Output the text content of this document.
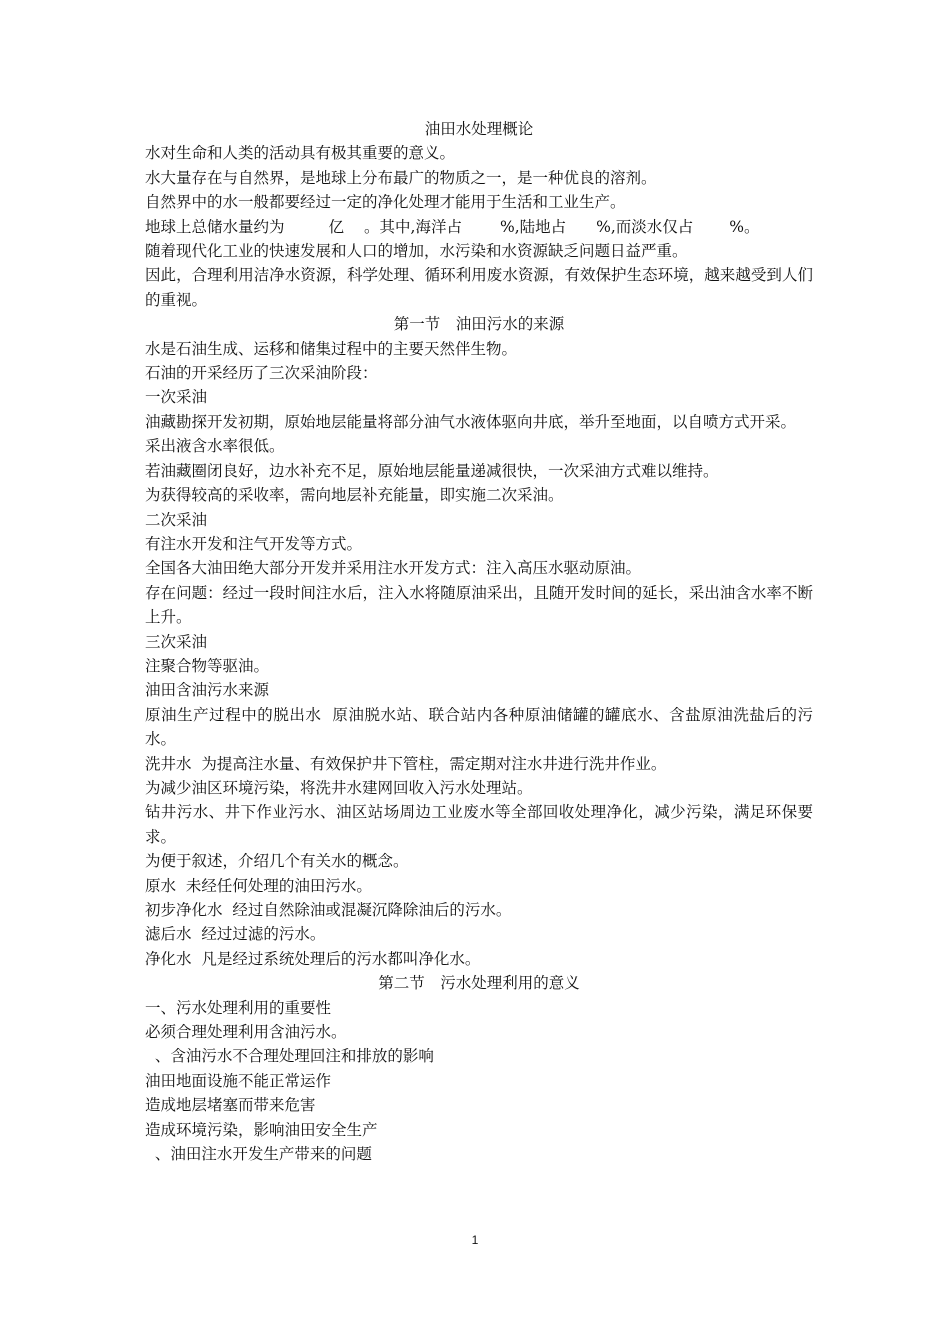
油田水处理概论
水对生命和人类的活动具有极其重要的意义。
水大量存在与自然界，是地球上分布最广的物质之一，是一种优良的溶剂。
自然界中的水一般都要经过一定的净化处理才能用于生活和工业生产。
地球上总储水量约为	亿 。其中,海洋占 %,陆地占 %,而淡水仅占 %。
随着现代化工业的快速发展和人口的增加，水污染和水资源缺乏问题日益严重。
因此，合理利用洁净水资源，科学处理、循环利用废水资源，有效保护生态环境，越来越受到人们的重视。
第一节　油田污水的来源
水是石油生成、运移和储集过程中的主要天然伴生物。
石油的开采经历了三次采油阶段：
一次采油
油藏勘探开发初期，原始地层能量将部分油气水液体驱向井底，举升至地面，以自喷方式开采。
采出液含水率很低。
若油藏圈闭良好，边水补充不足，原始地层能量递减很快，一次采油方式难以维持。
为获得较高的采收率，需向地层补充能量，即实施二次采油。
二次采油
有注水开发和注气开发等方式。
全国各大油田绝大部分开发并采用注水开发方式：注入高压水驱动原油。
存在问题：经过一段时间注水后，注入水将随原油采出，且随开发时间的延长，采出油含水率不断上升。
三次采油
注聚合物等驱油。
油田含油污水来源
原油生产过程中的脱出水  原油脱水站、联合站内各种原油储罐的罐底水、含盐原油洗盐后的污水。
洗井水  为提高注水量、有效保护井下管柱，需定期对注水井进行洗井作业。
为减少油区环境污染，将洗井水建网回收入污水处理站。
钻井污水、井下作业污水、油区站场周边工业废水等全部回收处理净化，减少污染，满足环保要求。
为便于叙述，介绍几个有关水的概念。
原水  未经任何处理的油田污水。
初步净化水  经过自然除油或混凝沉降除油后的污水。
滤后水  经过过滤的污水。
净化水  凡是经过系统处理后的污水都叫净化水。
第二节　污水处理利用的意义
一、污水处理利用的重要性
必须合理处理利用含油污水。
、含油污水不合理处理回注和排放的影响
油田地面设施不能正常运作
造成地层堵塞而带来危害
造成环境污染，影响油田安全生产
、油田注水开发生产带来的问题
1
